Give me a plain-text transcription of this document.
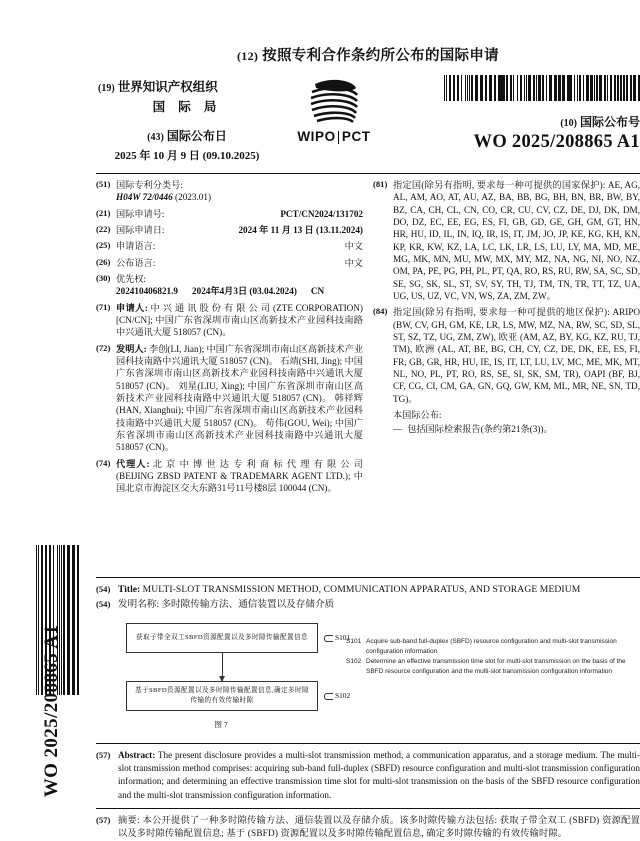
WO 2025/208865 A1
(12) 按照专利合作条约所公布的国际申请
(19) 世界知识产权组织
国 际 局
(43) 国际公布日
2025 年 10 月 9 日 (09.10.2025)
WIPO|PCT
(10) 国际公布号
WO 2025/208865 A1
(51) 国际专利分类号:
H04W 72/0446 (2023.01)
(21) 国际申请号:	PCT/CN2024/131702
(22) 国际申请日:	2024 年 11 月 13 日 (13.11.2024)
(25) 申请语言:	中文
(26) 公布语言:	中文
(30) 优先权:
202410406821.9 2024年4月3日 (03.04.2024) CN
(71) 申请人: 中 兴 通 讯 股 份 有 限 公 司 (ZTE CORPORATION) [CN/CN]; 中国广东省深圳市南山区高新技术产业园科技南路中兴通讯大厦 518057 (CN)。
(72) 发明人: 李创(LI, Jian); 中国广东省深圳市南山区高新技术产业园科技南路中兴通讯大厦 518057 (CN)。 石靖(SHI, Jing); 中国广东省深圳市南山区高新技术产业园科技南路中兴通讯大厦 518057 (CN)。 刘星(LIU, Xing); 中国广东省深圳市南山区高新技术产业园科技南路中兴通讯大厦 518057 (CN)。 韩祥辉(HAN, Xianghui); 中国广东省深圳市南山区高新技术产业园科技南路中兴通讯大厦 518057 (CN)。 苟伟(GOU, Wei); 中国广东省深圳市南山区高新技术产业园科技南路中兴通讯大厦 518057 (CN)。
(74) 代理人: 北 京 中 博 世 达 专 利 商 标 代 理 有 限 公 司 (BEIJING ZBSD PATENT & TRADEMARK AGENT LTD.); 中国北京市海淀区交大东路31号11号楼8层 100044 (CN)。
(81) 指定国(除另有指明, 要求每一种可提供的国家保护): AE, AG, AL, AM, AO, AT, AU, AZ, BA, BB, BG, BH, BN, BR, BW, BY, BZ, CA, CH, CL, CN, CO, CR, CU, CV, CZ, DE, DJ, DK, DM, DO, DZ, EC, EE, EG, ES, FI, GB, GD, GE, GH, GM, GT, HN, HR, HU, ID, IL, IN, IQ, IR, IS, IT, JM, JO, JP, KE, KG, KH, KN, KP, KR, KW, KZ, LA, LC, LK, LR, LS, LU, LY, MA, MD, ME, MG, MK, MN, MU, MW, MX, MY, MZ, NA, NG, NI, NO, NZ, OM, PA, PE, PG, PH, PL, PT, QA, RO, RS, RU, RW, SA, SC, SD, SE, SG, SK, SL, ST, SV, SY, TH, TJ, TM, TN, TR, TT, TZ, UA, UG, US, UZ, VC, VN, WS, ZA, ZM, ZW。
(84) 指定国(除另有指明, 要求每一种可提供的地区保护): ARIPO (BW, CV, GH, GM, KE, LR, LS, MW, MZ, NA, RW, SC, SD, SL, ST, SZ, TZ, UG, ZM, ZW), 欧亚 (AM, AZ, BY, KG, KZ, RU, TJ, TM), 欧洲 (AL, AT, BE, BG, CH, CY, CZ, DE, DK, EE, ES, FI, FR, GB, GR, HR, HU, IE, IS, IT, LT, LU, LV, MC, ME, MK, MT, NL, NO, PL, PT, RO, RS, SE, SI, SK, SM, TR), OAPI (BF, BJ, CF, CG, CI, CM, GA, GN, GQ, GW, KM, ML, MR, NE, SN, TD, TG)。
本国际公布:
— 包括国际检索报告(条约第21条(3))。
(54) Title: MULTI-SLOT TRANSMISSION METHOD, COMMUNICATION APPARATUS, AND STORAGE MEDIUM
(54) 发明名称: 多时隙传输方法、通信装置以及存储介质
获取子带全双工SBFD资源配置以及多时隙传输配置信息
基于SBFD资源配置以及多时隙传输配置信息,确定多时隙传输的有效传输时隙
S101
S102
图 7
S101 Acquire sub-band full-duplex (SBFD) resource configuration and multi-slot transmission configuration information
S102 Determine an effective transmission time slot for multi-slot transmission on the basis of the SBFD resource configuration and the multi-slot transmission configuration information
(57) Abstract: The present disclosure provides a multi-slot transmission method, a communication apparatus, and a storage medium. The multi-slot transmission method comprises: acquiring sub-band full-duplex (SBFD) resource configuration and multi-slot transmission configuration information; and determining an effective transmission time slot for multi-slot transmission on the basis of the SBFD resource configuration and the multi-slot transmission configuration information.
(57) 摘要: 本公开提供了一种多时隙传输方法、通信装置以及存储介质。该多时隙传输方法包括: 获取子带全双工 (SBFD) 资源配置以及多时隙传输配置信息; 基于 (SBFD) 资源配置以及多时隙传输配置信息, 确定多时隙传输的有效传输时隙。
